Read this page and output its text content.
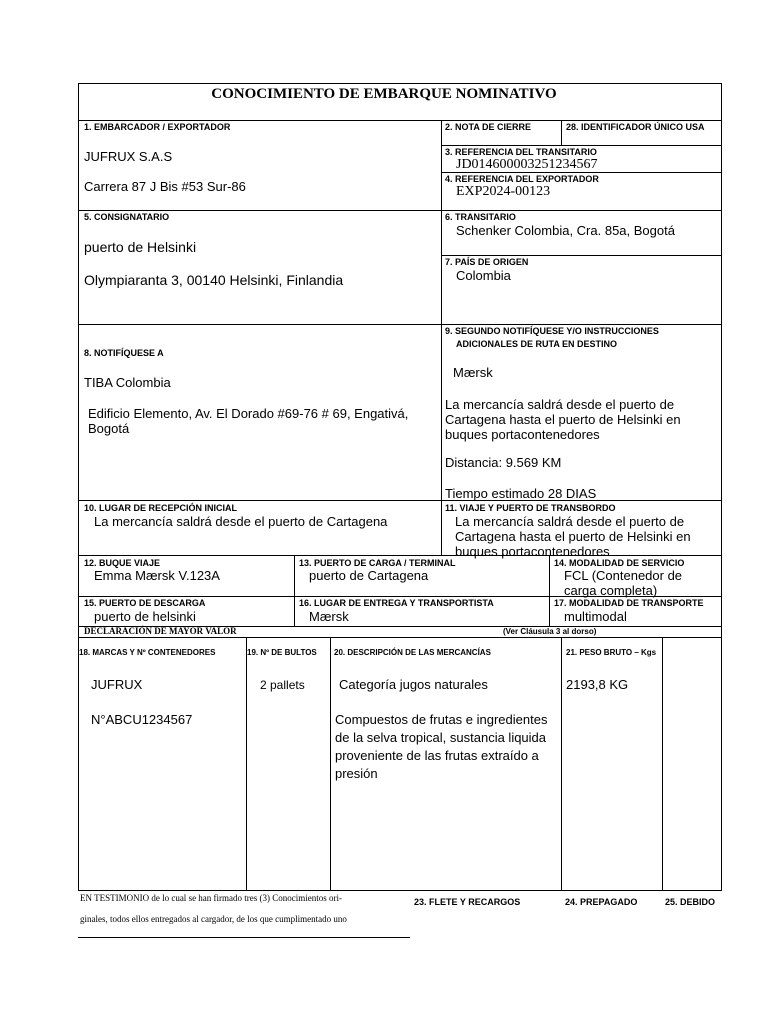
CONOCIMIENTO DE EMBARQUE NOMINATIVO
1. EMBARCADOR / EXPORTADOR	2. NOTA DE CIERRE	28. IDENTIFICADOR ÚNICO USA
JUFRUX S.A.S
Carrera 87 J Bis #53 Sur-86
3. REFERENCIA DEL TRANSITARIO
JD014600003251234567
4. REFERENCIA DEL EXPORTADOR
EXP2024-00123
5. CONSIGNATARIO
puerto de Helsinki
Olympiaranta 3, 00140 Helsinki, Finlandia
6. TRANSITARIO
Schenker Colombia, Cra. 85a, Bogotá
7. PAÍS DE ORIGEN
Colombia
8. NOTIFÍQUESE A
TIBA Colombia
Edificio Elemento, Av. El Dorado #69-76 # 69, Engativá, Bogotá
9. SEGUNDO NOTIFÍQUESE Y/O INSTRUCCIONES
ADICIONALES DE RUTA EN DESTINO
Mærsk
La mercancía saldrá desde el puerto de Cartagena hasta el puerto de Helsinki en buques portacontenedores
Distancia: 9.569 KM
Tiempo estimado 28 DIAS
10. LUGAR DE RECEPCIÓN INICIAL
La mercancía saldrá desde el puerto de Cartagena
11. VIAJE Y PUERTO DE TRANSBORDO
La mercancía saldrá desde el puerto de Cartagena hasta el puerto de Helsinki en buques portacontenedores
12. BUQUE VIAJE
Emma Mærsk V.123A
13. PUERTO DE CARGA / TERMINAL
puerto de Cartagena
14. MODALIDAD DE SERVICIO
FCL (Contenedor de carga completa)
15. PUERTO DE DESCARGA
puerto de helsinki
16. LUGAR DE ENTREGA Y TRANSPORTISTA
Mærsk
17. MODALIDAD DE TRANSPORTE
multimodal
DECLARACIÓN DE MAYOR VALOR	(Ver Cláusula 3 al dorso)
18. MARCAS Y Nº CONTENEDORES	19. Nº DE BULTOS 20. DESCRIPCIÓN DE LAS MERCANCÍAS	21. PESO BRUTO – Kgs
JUFRUX
N°ABCU1234567
2 pallets	Categoría jugos naturales
Compuestos de frutas e ingredientes de la selva tropical, sustancia liquida proveniente de las frutas extraído a presión
2193,8 KG
EN TESTIMONIO de lo cual se han firmado tres (3) Conocimientos ori-
ginales, todos ellos entregados al cargador, de los que cumplimentado uno
23. FLETE Y RECARGOS	24. PREPAGADO	25. DEBIDO
